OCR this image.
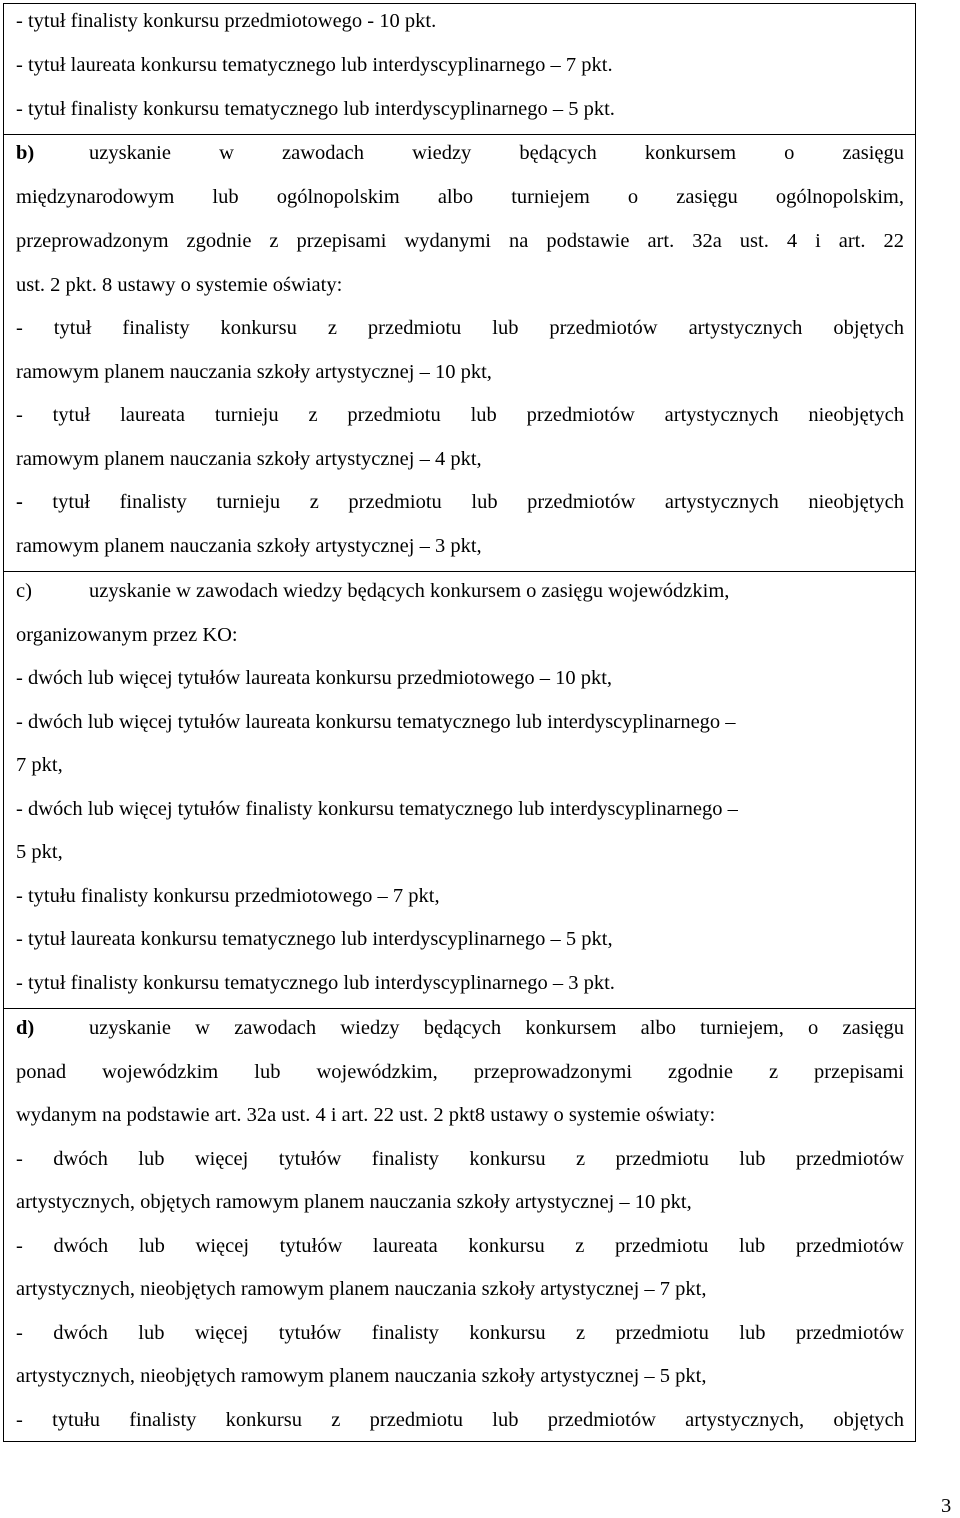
- tytuł finalisty konkursu przedmiotowego - 10 pkt.
- tytuł laureata konkursu tematycznego lub interdyscyplinarnego – 7 pkt.
- tytuł finalisty konkursu tematycznego lub interdyscyplinarnego – 5 pkt.
b)	uzyskanie w zawodach wiedzy będących konkursem o zasięgu
międzynarodowym lub ogólnopolskim albo turniejem o zasięgu ogólnopolskim,
przeprowadzonym zgodnie z przepisami wydanymi na podstawie art. 32a ust. 4 i art. 22
ust. 2 pkt. 8 ustawy o systemie oświaty:
- tytuł finalisty konkursu z przedmiotu lub przedmiotów artystycznych objętych
ramowym planem nauczania szkoły artystycznej – 10 pkt,
- tytuł laureata turnieju z przedmiotu lub przedmiotów artystycznych nieobjętych
ramowym planem nauczania szkoły artystycznej – 4 pkt,
- tytuł finalisty turnieju z przedmiotu lub przedmiotów artystycznych nieobjętych
ramowym planem nauczania szkoły artystycznej – 3 pkt,
c)	uzyskanie w zawodach wiedzy będących konkursem o zasięgu wojewódzkim,
organizowanym przez KO:
- dwóch lub więcej tytułów laureata konkursu przedmiotowego – 10 pkt,
- dwóch lub więcej tytułów laureata konkursu tematycznego lub interdyscyplinarnego –
7 pkt,
- dwóch lub więcej tytułów finalisty konkursu tematycznego lub interdyscyplinarnego –
5 pkt,
- tytułu finalisty konkursu przedmiotowego – 7 pkt,
- tytuł laureata konkursu tematycznego lub interdyscyplinarnego – 5 pkt,
- tytuł finalisty konkursu tematycznego lub interdyscyplinarnego – 3 pkt.
d)	uzyskanie w zawodach wiedzy będących konkursem albo turniejem, o zasięgu
ponad wojewódzkim lub wojewódzkim, przeprowadzonymi zgodnie z przepisami
wydanym na podstawie art. 32a ust. 4 i art. 22 ust. 2 pkt8 ustawy o systemie oświaty:
- dwóch lub więcej tytułów finalisty konkursu z przedmiotu lub przedmiotów
artystycznych, objętych ramowym planem nauczania szkoły artystycznej – 10 pkt,
- dwóch lub więcej tytułów laureata konkursu z przedmiotu lub przedmiotów
artystycznych, nieobjętych ramowym planem nauczania szkoły artystycznej – 7 pkt,
- dwóch lub więcej tytułów finalisty konkursu z przedmiotu lub przedmiotów
artystycznych, nieobjętych ramowym planem nauczania szkoły artystycznej – 5 pkt,
- tytułu finalisty konkursu z przedmiotu lub przedmiotów artystycznych, objętych
3
